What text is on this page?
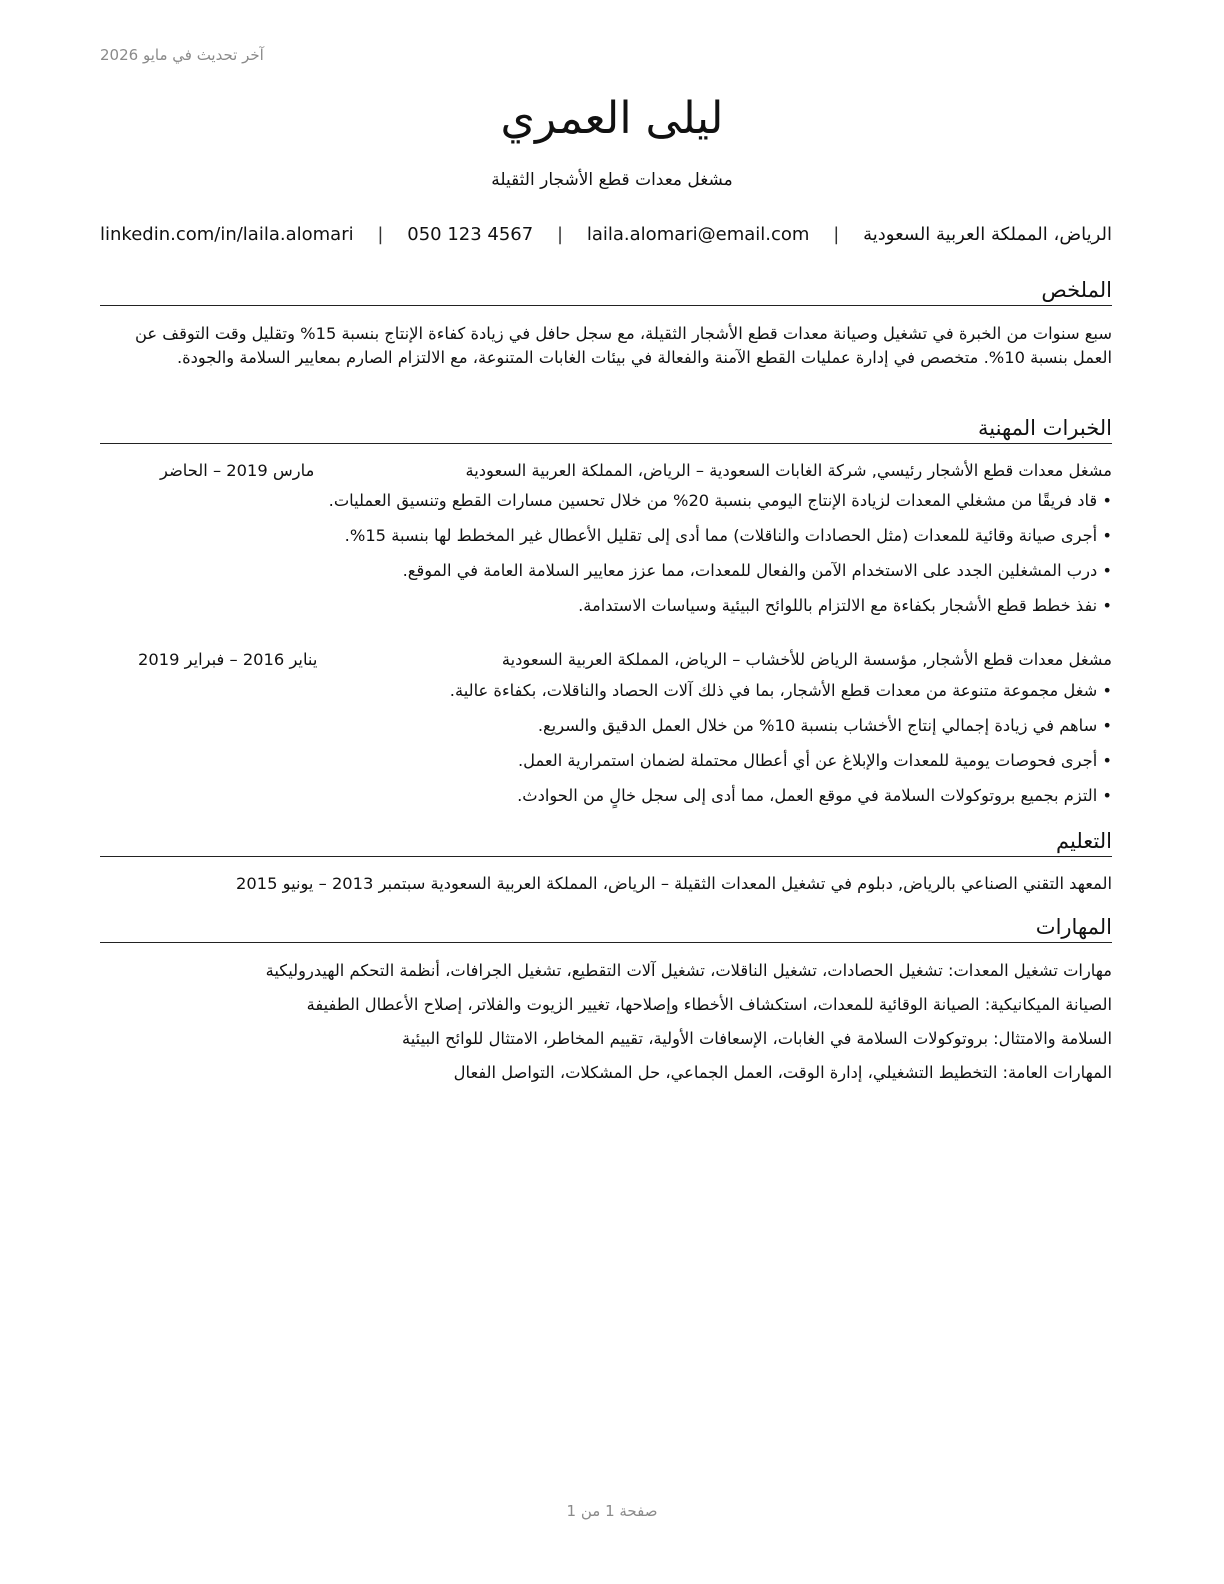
آخر تحديث في مايو 2026
ليلى العمري
مشغل معدات قطع الأشجار الثقيلة
الرياض، المملكة العربية السعودية
|
laila.alomari@email.com
|
050 123 4567
|
linkedin.com/in/laila.alomari
الملخص
سبع سنوات من الخبرة في تشغيل وصيانة معدات قطع الأشجار الثقيلة، مع سجل حافل في زيادة كفاءة الإنتاج بنسبة 15% وتقليل وقت التوقف عن العمل بنسبة 10%. متخصص في إدارة عمليات القطع الآمنة والفعالة في بيئات الغابات المتنوعة، مع الالتزام الصارم بمعايير السلامة والجودة.
الخبرات المهنية
مشغل معدات قطع الأشجار رئيسي, شركة الغابات السعودية – الرياض، المملكة العربية السعودية
مارس 2019 – الحاضر
• قاد فريقًا من مشغلي المعدات لزيادة الإنتاج اليومي بنسبة 20% من خلال تحسين مسارات القطع وتنسيق العمليات.
• أجرى صيانة وقائية للمعدات (مثل الحصادات والناقلات) مما أدى إلى تقليل الأعطال غير المخطط لها بنسبة 15%.
• درب المشغلين الجدد على الاستخدام الآمن والفعال للمعدات، مما عزز معايير السلامة العامة في الموقع.
• نفذ خطط قطع الأشجار بكفاءة مع الالتزام باللوائح البيئية وسياسات الاستدامة.
مشغل معدات قطع الأشجار, مؤسسة الرياض للأخشاب – الرياض، المملكة العربية السعودية
يناير 2016 – فبراير 2019
• شغل مجموعة متنوعة من معدات قطع الأشجار، بما في ذلك آلات الحصاد والناقلات، بكفاءة عالية.
• ساهم في زيادة إجمالي إنتاج الأخشاب بنسبة 10% من خلال العمل الدقيق والسريع.
• أجرى فحوصات يومية للمعدات والإبلاغ عن أي أعطال محتملة لضمان استمرارية العمل.
• التزم بجميع بروتوكولات السلامة في موقع العمل، مما أدى إلى سجل خالٍ من الحوادث.
التعليم
المعهد التقني الصناعي بالرياض, دبلوم في تشغيل المعدات الثقيلة – الرياض، المملكة العربية السعودية سبتمبر 2013 – يونيو 2015
المهارات
مهارات تشغيل المعدات: تشغيل الحصادات، تشغيل الناقلات، تشغيل آلات التقطيع، تشغيل الجرافات، أنظمة التحكم الهيدروليكية
الصيانة الميكانيكية: الصيانة الوقائية للمعدات، استكشاف الأخطاء وإصلاحها، تغيير الزيوت والفلاتر، إصلاح الأعطال الطفيفة
السلامة والامتثال: بروتوكولات السلامة في الغابات، الإسعافات الأولية، تقييم المخاطر، الامتثال للوائح البيئية
المهارات العامة: التخطيط التشغيلي، إدارة الوقت، العمل الجماعي، حل المشكلات، التواصل الفعال
صفحة 1 من 1
